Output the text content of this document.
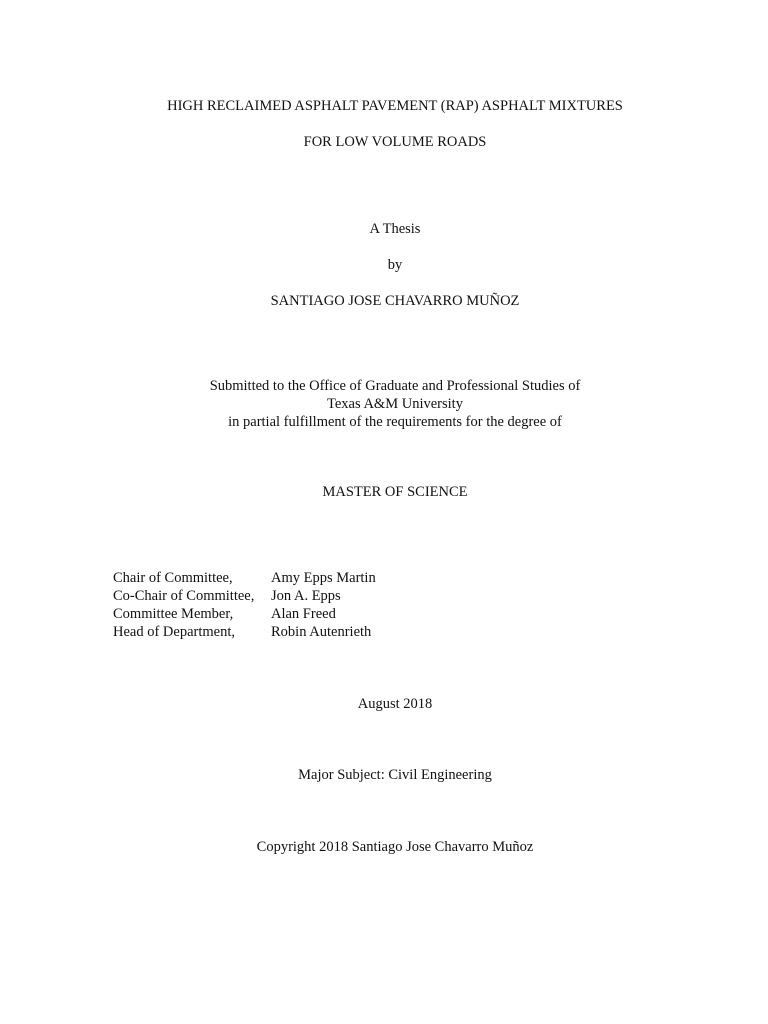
HIGH RECLAIMED ASPHALT PAVEMENT (RAP) ASPHALT MIXTURES
FOR LOW VOLUME ROADS
A Thesis
by
SANTIAGO JOSE CHAVARRO MUÑOZ
Submitted to the Office of Graduate and Professional Studies of
Texas A&M University
in partial fulfillment of the requirements for the degree of
MASTER OF SCIENCE
Chair of Committee,	Amy Epps Martin
Co-Chair of Committee,	Jon A. Epps
Committee Member,	Alan Freed
Head of Department,	Robin Autenrieth
August 2018
Major Subject: Civil Engineering
Copyright 2018 Santiago Jose Chavarro Muñoz
